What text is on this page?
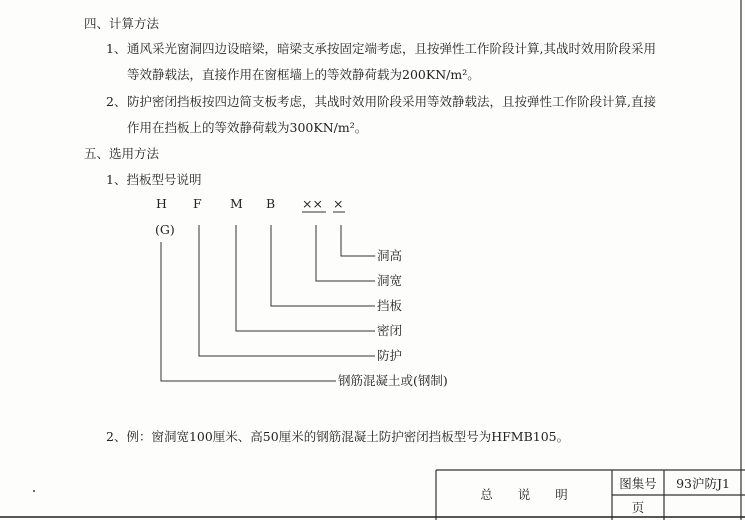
四、计算方法
1、 通风采光窗洞四边设暗梁，暗梁支承按固定端考虑，且按弹性工作阶段计算,其战时效用阶段采用
等效静载法，直接作用在窗框墙上的等效静荷载为200KN/m²。
2、 防护密闭挡板按四边简支板考虑，其战时效用阶段采用等效静载法，且按弹性工作阶段计算,直接
作用在挡板上的等效静荷载为300KN/m²。
五、选用方法
1、挡板型号说明
H F M B ×× ×
(G)
洞高
洞宽
挡板
密闭
防护
钢筋混凝土或(钢制)
2、例：窗洞宽100厘米、高50厘米的钢筋混凝土防护密闭挡板型号为HFMB105。
总　　说　　明
图集号	93沪防J1
页
